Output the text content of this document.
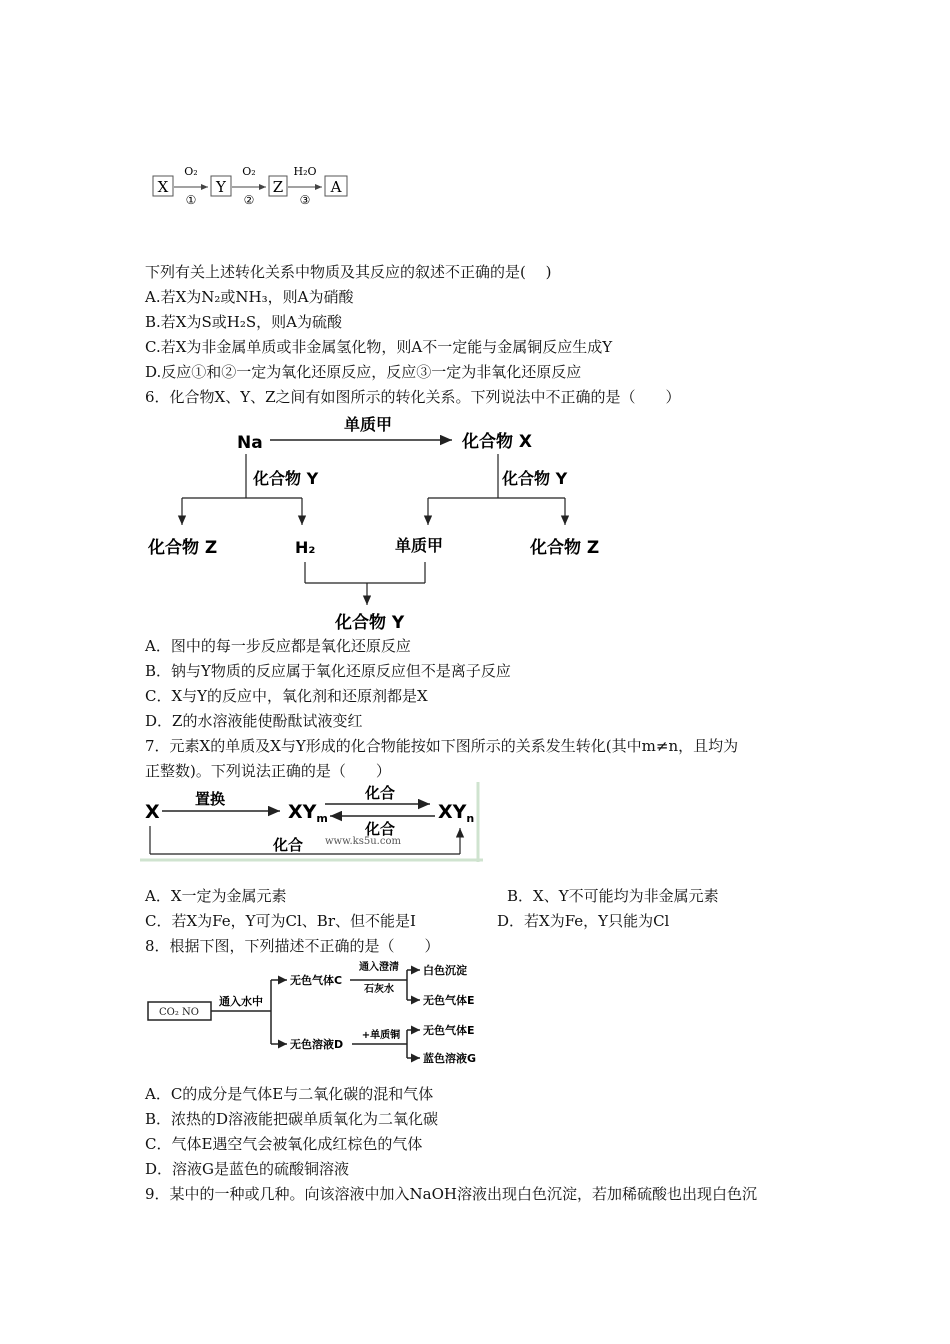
X
O₂
①
Y
O₂
②
Z
H₂O
③
A
下列有关上述转化关系中物质及其反应的叙述不正确的是(　 )
A.若X为N₂或NH₃，则A为硝酸
B.若X为S或H₂S，则A为硫酸
C.若X为非金属单质或非金属氢化物，则A不一定能与金属铜反应生成Y
D.反应①和②一定为氧化还原反应，反应③一定为非氧化还原反应
6．化合物X、Y、Z之间有如图所示的转化关系。下列说法中不正确的是（　　）
Na
单质甲
化合物 X
化合物 Y	化合物 Y
化合物 Z	H₂	单质甲	化合物 Z
化合物 Y
A．图中的每一步反应都是氧化还原反应
B．钠与Y物质的反应属于氧化还原反应但不是离子反应
C．X与Y的反应中，氧化剂和还原剂都是X
D．Z的水溶液能使酚酞试液变红
7．元素X的单质及X与Y形成的化合物能按如下图所示的关系发生转化(其中m≠n，且均为
正整数)。下列说法正确的是（　　）
X
置换
$XY_m$
化合
化合
$XY_n$
化合 www.ks5u.com
A．X一定为金属元素	B．X、Y不可能均为非金属元素
C．若X为Fe，Y可为Cl、Br、但不能是I	D．若X为Fe，Y只能为Cl
8．根据下图，下列描述不正确的是（　　）
CO₂ NO
通入水中
无色气体C
无色溶液D
通入澄清
石灰水
白色沉淀
无色气体E
+单质铜 无色气体E
蓝色溶液G
A．C的成分是气体E与二氧化碳的混和气体
B．浓热的D溶液能把碳单质氧化为二氧化碳
C．气体E遇空气会被氧化成红棕色的气体
D．溶液G是蓝色的硫酸铜溶液
9．某中的一种或几种。向该溶液中加入NaOH溶液出现白色沉淀，若加稀硫酸也出现白色沉
